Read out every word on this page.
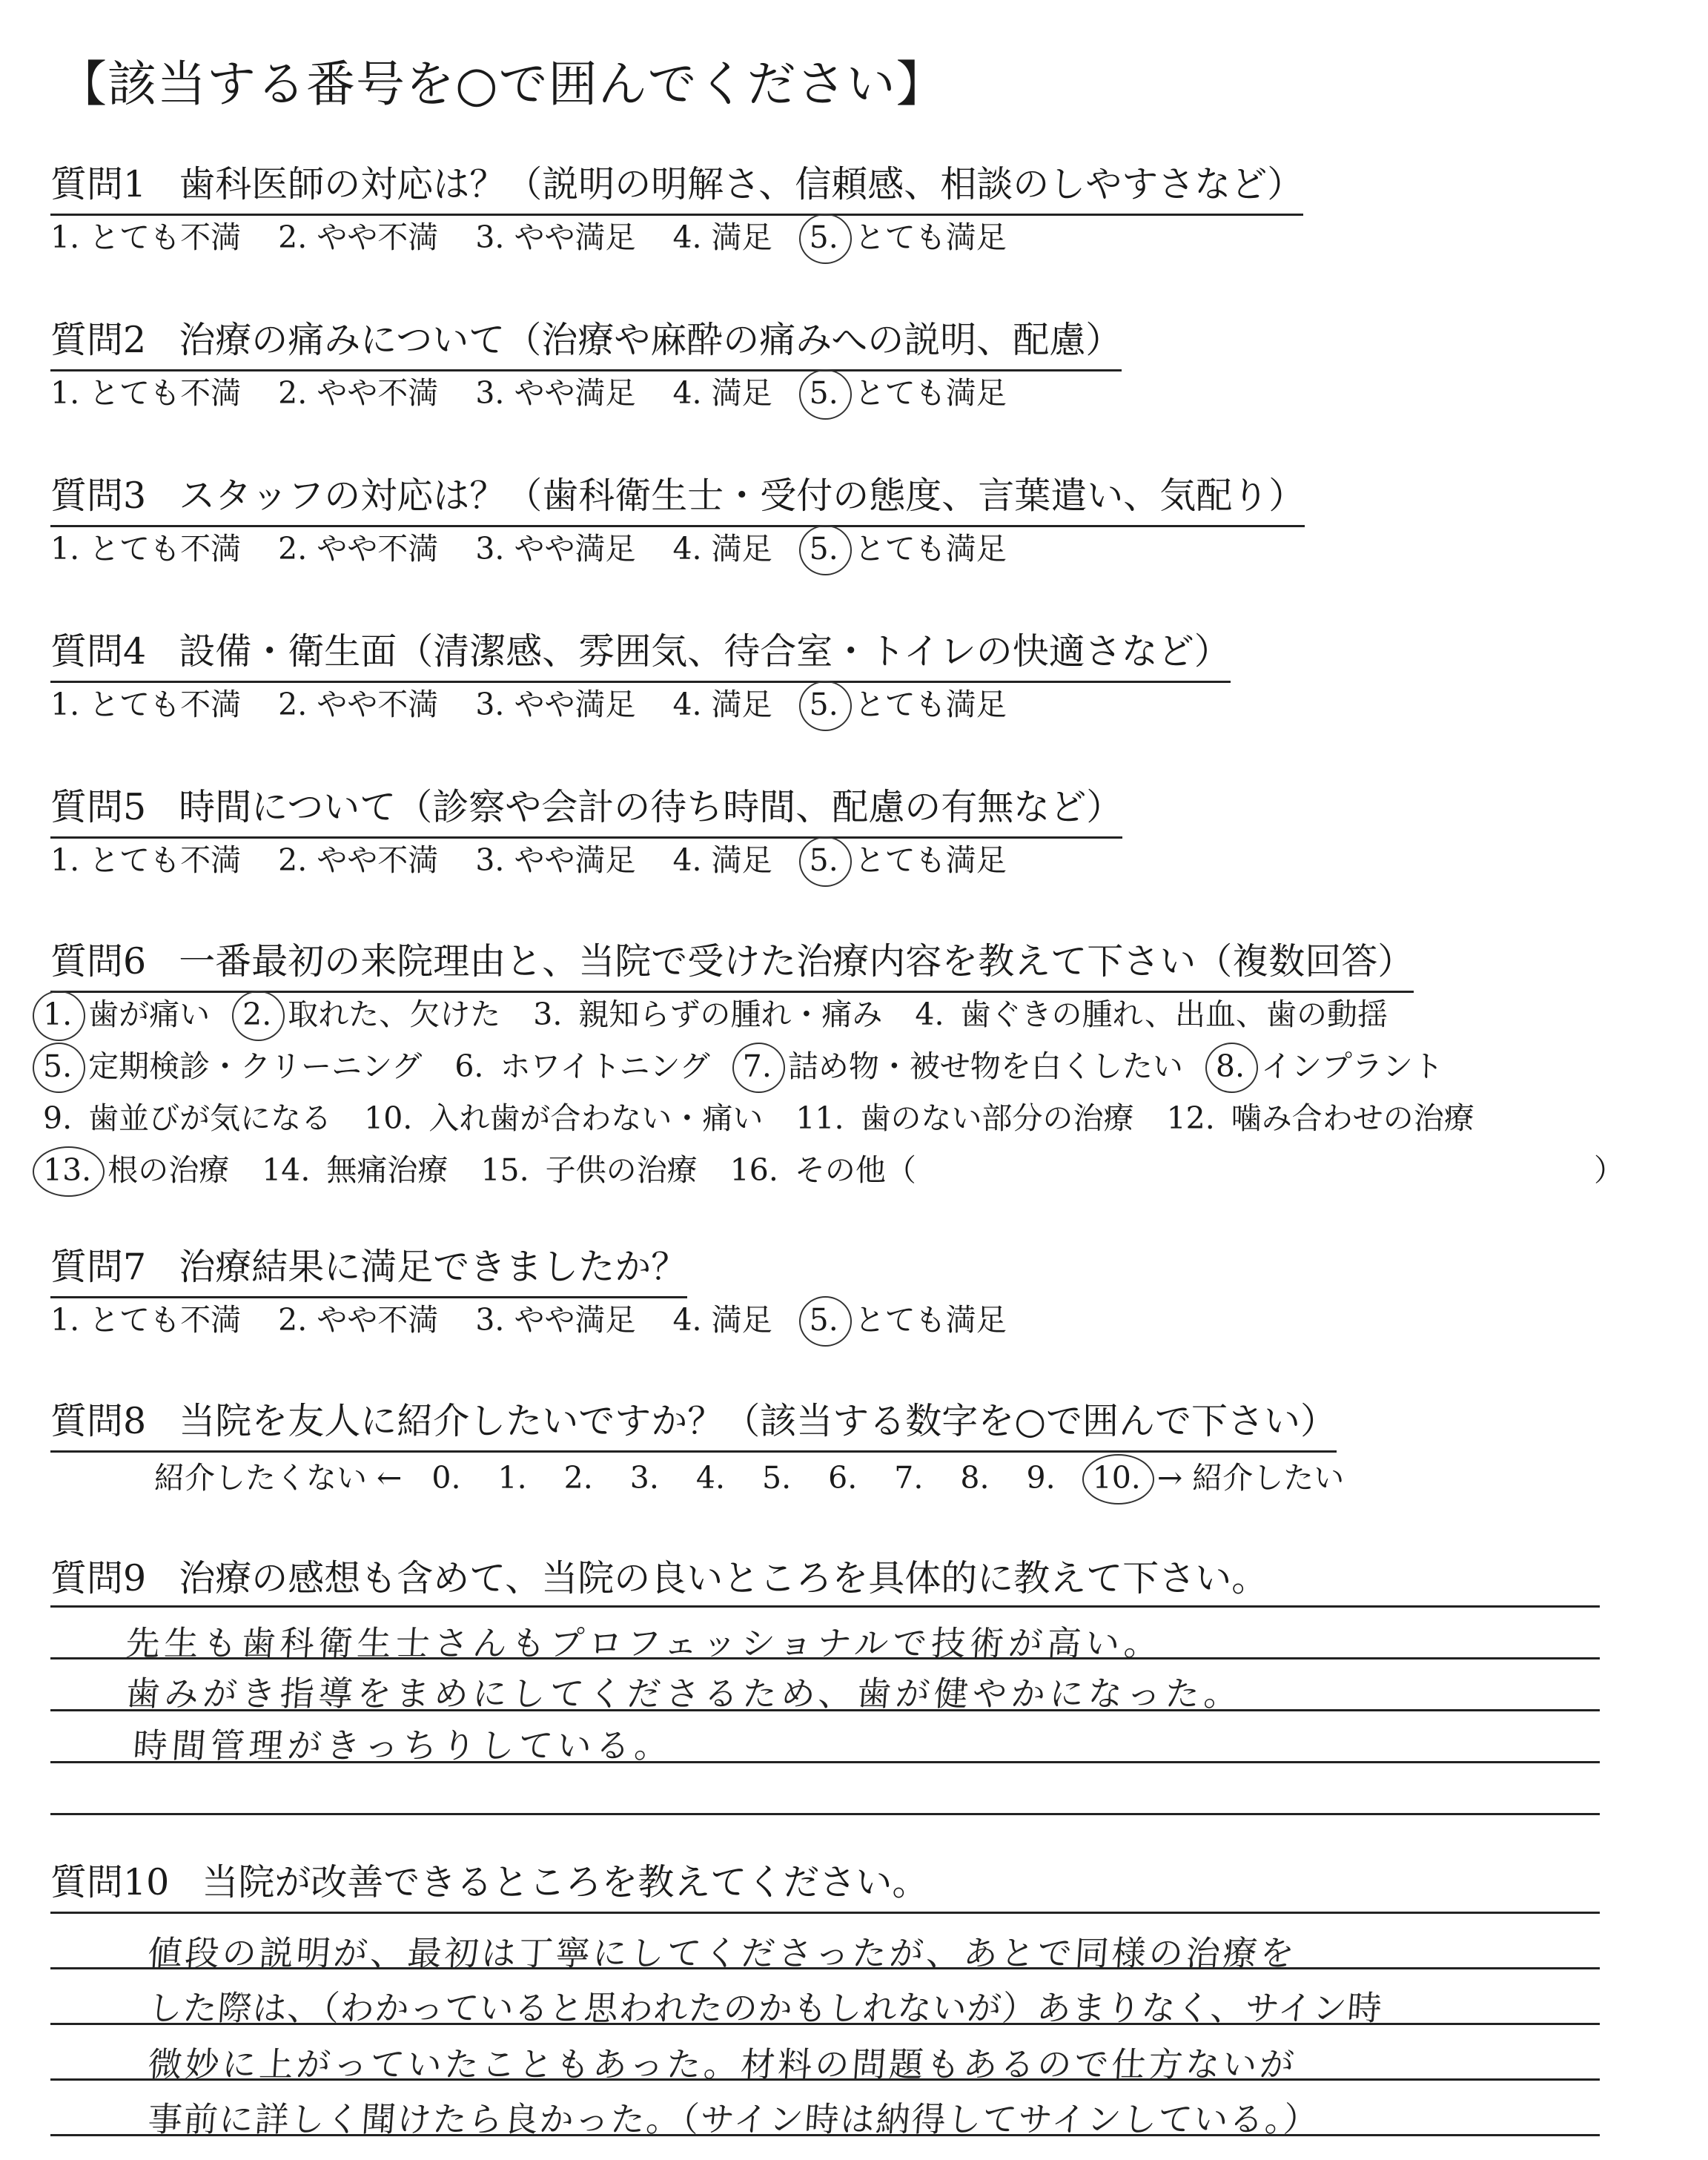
【該当する番号を○で囲んでください】
質問1 歯科医師の対応は？（説明の明解さ、信頼感、相談のしやすさなど）
1. とても不満 2. やや不満 3. やや満足 4. 満足 5. とても満足
質問2 治療の痛みについて（治療や麻酔の痛みへの説明、配慮）
1. とても不満 2. やや不満 3. やや満足 4. 満足 5. とても満足
質問3 スタッフの対応は？（歯科衛生士・受付の態度、言葉遣い、気配り）
1. とても不満 2. やや不満 3. やや満足 4. 満足 5. とても満足
質問4 設備・衛生面（清潔感、雰囲気、待合室・トイレの快適さなど）
1. とても不満 2. やや不満 3. やや満足 4. 満足 5. とても満足
質問5 時間について（診察や会計の待ち時間、配慮の有無など）
1. とても不満 2. やや不満 3. やや満足 4. 満足 5. とても満足
質問6 一番最初の来院理由と、当院で受けた治療内容を教えて下さい（複数回答）
1. 歯が痛い 2. 取れた、欠けた 3. 親知らずの腫れ・痛み 4. 歯ぐきの腫れ、出血、歯の動揺
5. 定期検診・クリーニング 6. ホワイトニング 7. 詰め物・被せ物を白くしたい 8. インプラント
9. 歯並びが気になる 10. 入れ歯が合わない・痛い 11. 歯のない部分の治療 12. 噛み合わせの治療
13. 根の治療 14. 無痛治療 15. 子供の治療 16. その他（	）
質問7 治療結果に満足できましたか？
1. とても不満 2. やや不満 3. やや満足 4. 満足 5. とても満足
質問8 当院を友人に紹介したいですか？（該当する数字を○で囲んで下さい）
紹介したくない ← 0. 1. 2. 3. 4. 5. 6. 7. 8. 9. 10. → 紹介したい
質問9 治療の感想も含めて、当院の良いところを具体的に教えて下さい。
先生も歯科衛生士さんもプロフェッショナルで技術が高い。
歯みがき指導をまめにしてくださるため、歯が健やかになった。
時間管理がきっちりしている。
質問10 当院が改善できるところを教えてください。
値段の説明が、最初は丁寧にしてくださったが、あとで同様の治療を
した際は、（わかっていると思われたのかもしれないが）あまりなく、サイン時
微妙に上がっていたこともあった。材料の問題もあるので仕方ないが
事前に詳しく聞けたら良かった。（サイン時は納得してサインしている。）
